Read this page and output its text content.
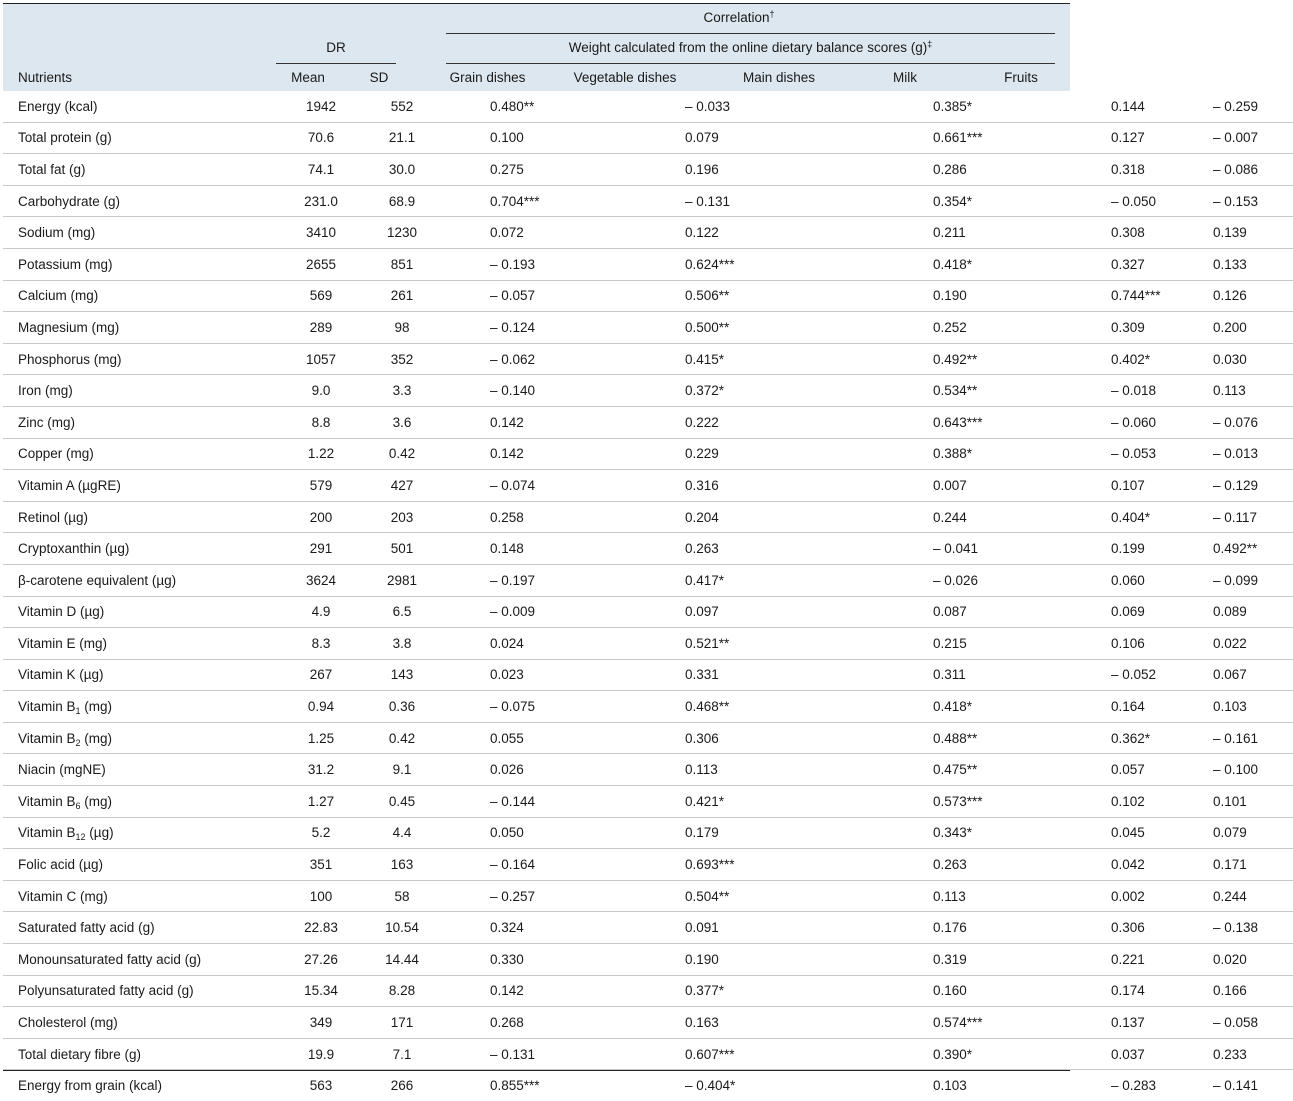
Correlation†
DR	Weight calculated from the online dietary balance scores (g)‡
Nutrients	Mean	SD	Grain dishes	Vegetable dishes	Main dishes	Milk	Fruits
Energy (kcal)	1942	552	0.480 **	– 0.033	0.385 *	0.144	– 0.259

Total protein (g)	70.6	21.1	0.100	0.079	0.661 ***	0.127	– 0.007

Total fat (g)	74.1	30.0	0.275	0.196	0.286	0.318	– 0.086

Carbohydrate (g)	231.0	68.9	0.704 ***	– 0.131	0.354 *	– 0.050	– 0.153

Sodium (mg)	3410	1230	0.072	0.122	0.211	0.308	0.139

Potassium (mg)	2655	851	– 0.193	0.624 ***	0.418 *	0.327	0.133

Calcium (mg)	569	261	– 0.057	0.506 **	0.190	0.744 ***	0.126

Magnesium (mg)	289	98	– 0.124	0.500 **	0.252	0.309	0.200

Phosphorus (mg)	1057	352	– 0.062	0.415 *	0.492 **	0.402 *	0.030

Iron (mg)	9.0	3.3	– 0.140	0.372 *	0.534 **	– 0.018	0.113

Zinc (mg)	8.8	3.6	0.142	0.222	0.643 ***	– 0.060	– 0.076

Copper (mg)	1.22	0.42	0.142	0.229	0.388 *	– 0.053	– 0.013

Vitamin A (µgRE)	579	427	– 0.074	0.316	0.007	0.107	– 0.129

Retinol (µg)	200	203	0.258	0.204	0.244	0.404 *	– 0.117

Cryptoxanthin (µg)	291	501	0.148	0.263	– 0.041	0.199	0.492 **

β-carotene equivalent (µg)	3624	2981	– 0.197	0.417 *	– 0.026	0.060	– 0.099

Vitamin D (µg)	4.9	6.5	– 0.009	0.097	0.087	0.069	0.089

Vitamin E (mg)	8.3	3.8	0.024	0.521 **	0.215	0.106	0.022

Vitamin K (µg)	267	143	0.023	0.331	0.311	– 0.052	0.067

Vitamin $B_1$ (mg)	0.94	0.36	– 0.075	0.468 **	0.418 *	0.164	0.103

Vitamin $B_2$ (mg)	1.25	0.42	0.055	0.306	0.488 **	0.362 *	– 0.161

Niacin (mgNE)	31.2	9.1	0.026	0.113	0.475 **	0.057	– 0.100

Vitamin $B_6$ (mg)	1.27	0.45	– 0.144	0.421 *	0.573 ***	0.102	0.101

Vitamin $B_{12}$ (µg)	5.2	4.4	0.050	0.179	0.343 *	0.045	0.079

Folic acid (µg)	351	163	– 0.164	0.693 ***	0.263	0.042	0.171

Vitamin C (mg)	100	58	– 0.257	0.504 **	0.113	0.002	0.244

Saturated fatty acid (g)	22.83	10.54	0.324	0.091	0.176	0.306	– 0.138

Monounsaturated fatty acid (g)	27.26	14.44	0.330	0.190	0.319	0.221	0.020

Polyunsaturated fatty acid (g)	15.34	8.28	0.142	0.377 *	0.160	0.174	0.166

Cholesterol (mg)	349	171	0.268	0.163	0.574 ***	0.137	– 0.058

Total dietary fibre (g)	19.9	7.1	– 0.131	0.607 ***	0.390 *	0.037	0.233

Energy from grain (kcal)	563	266	0.855 ***	– 0.404 *	0.103	– 0.283	– 0.141
